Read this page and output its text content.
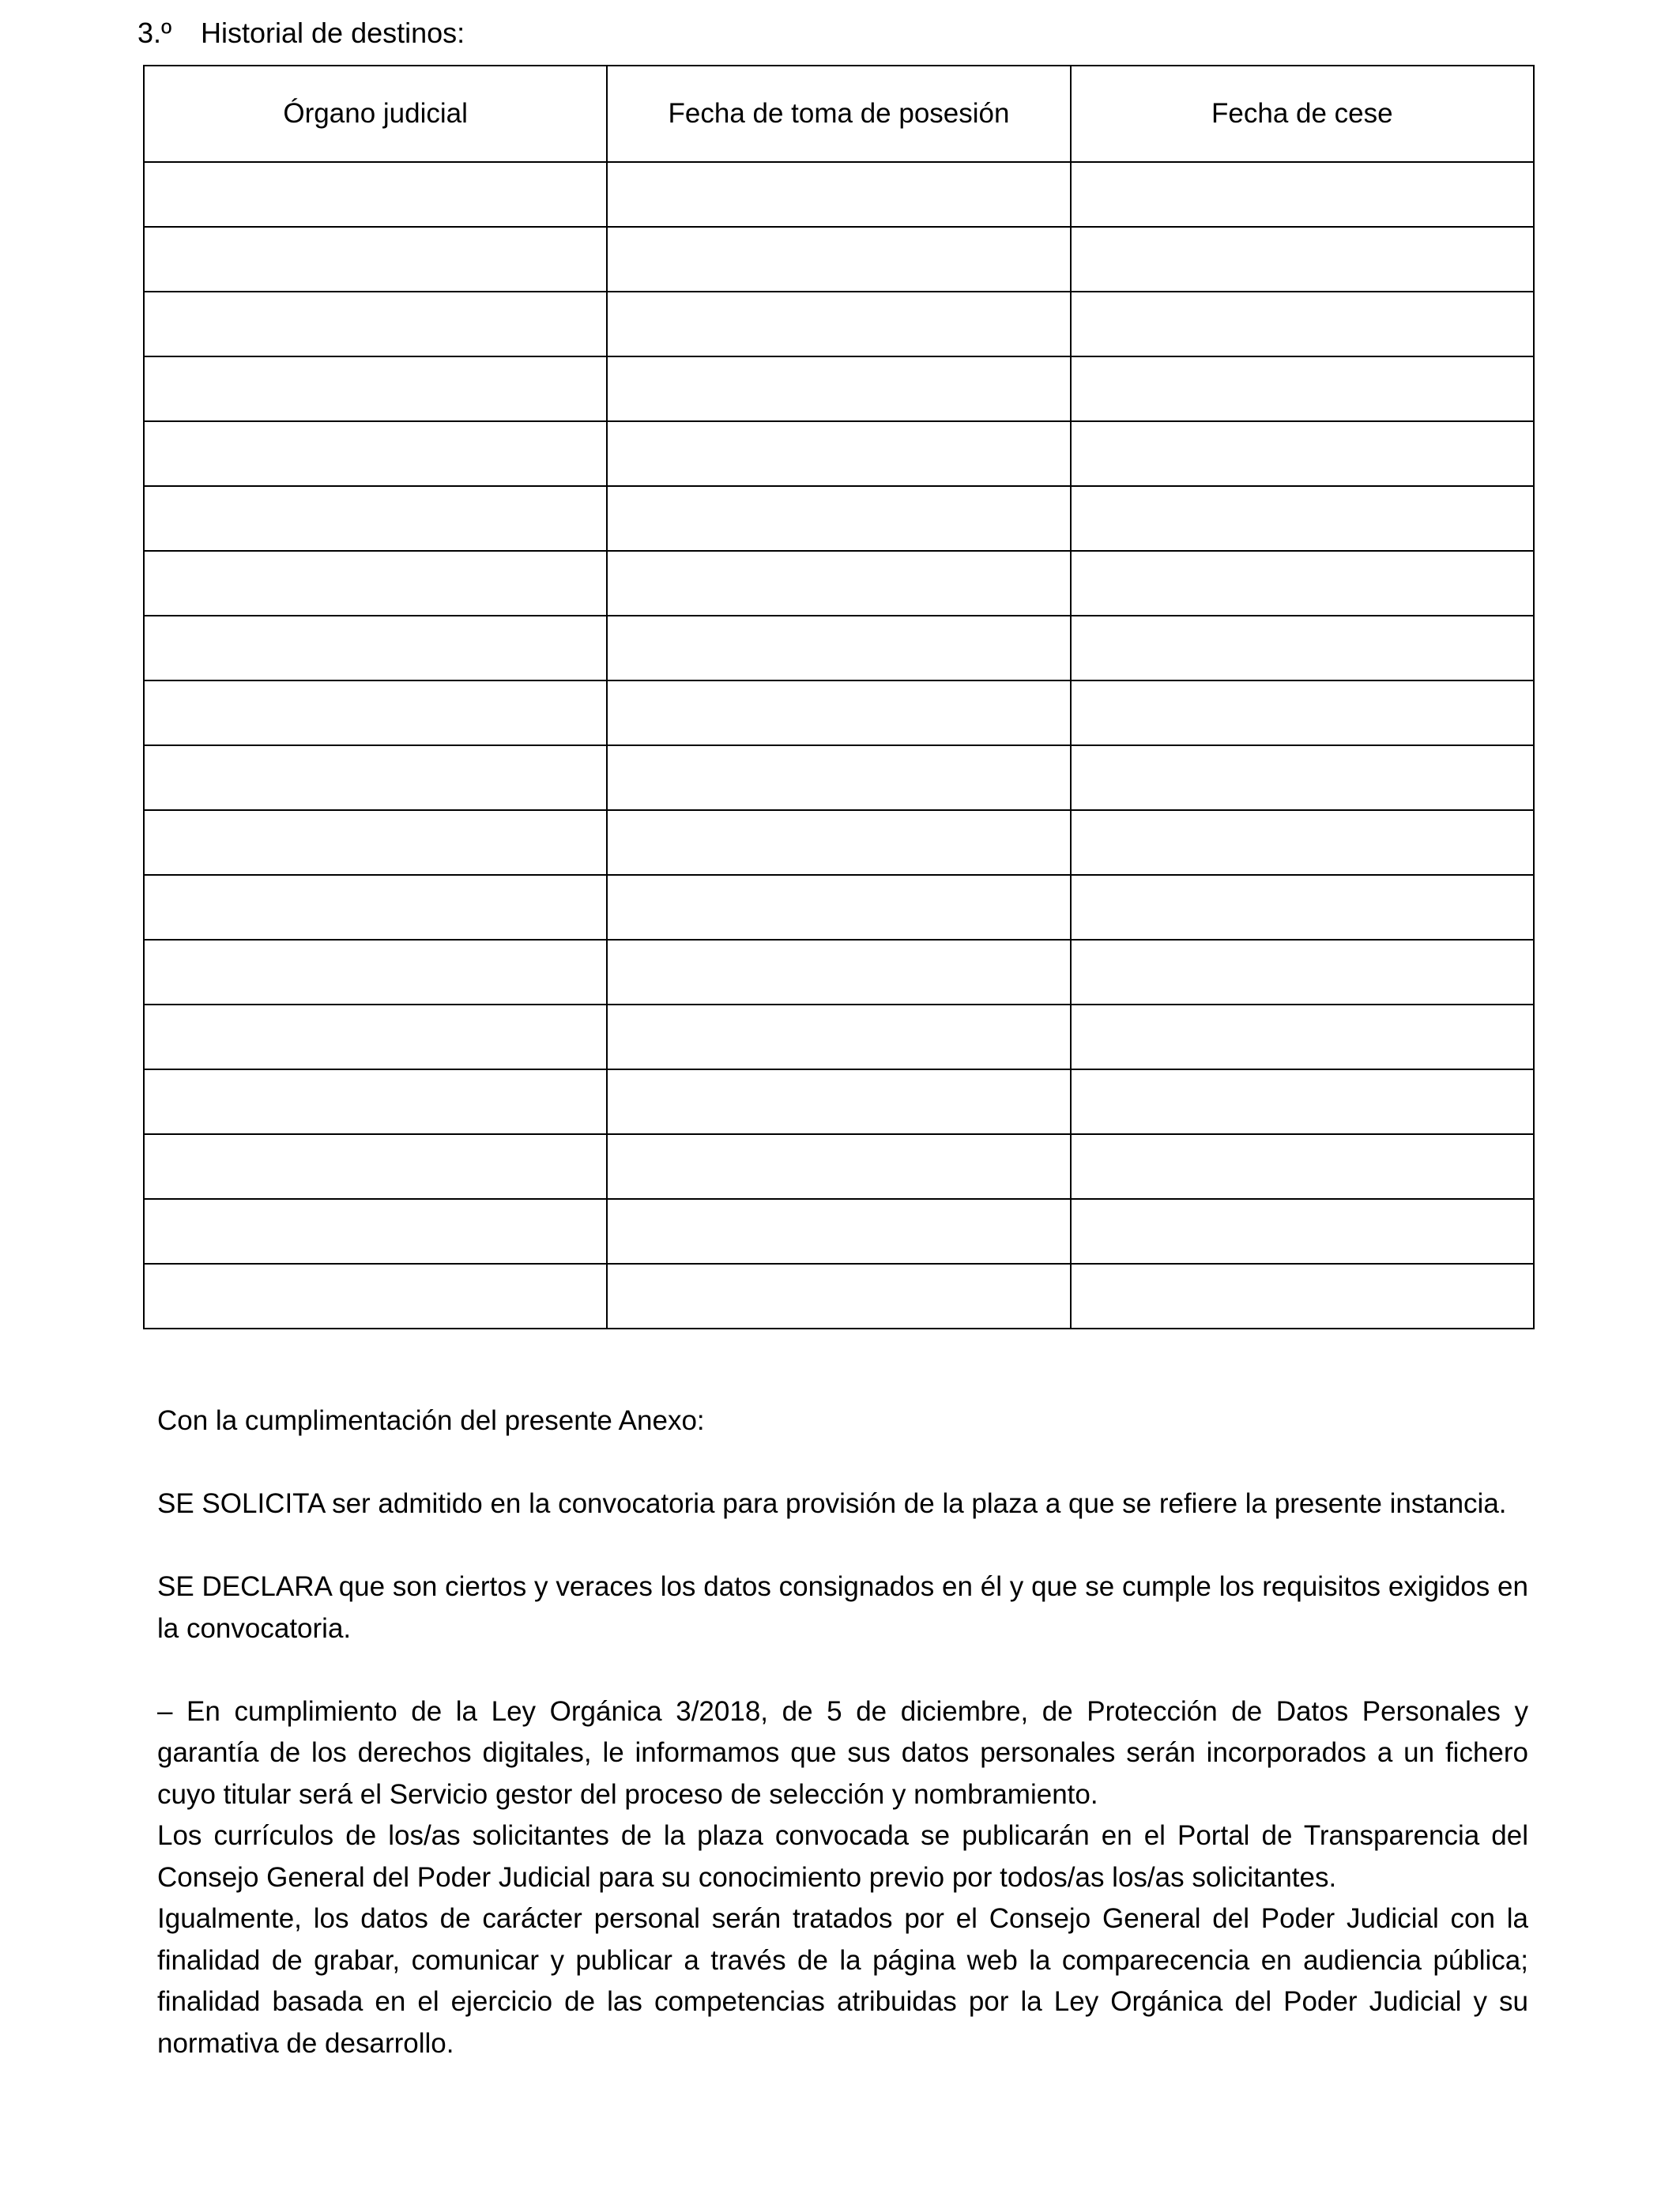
3.º Historial de destinos:
Órgano judicial	Fecha de toma de posesión	Fecha de cese

Con la cumplimentación del presente Anexo:

SE SOLICITA ser admitido en la convocatoria para provisión de la plaza a que se refiere la presente instancia.

SE DECLARA que son ciertos y veraces los datos consignados en él y que se cumple los requisitos exigidos en la convocatoria.

– En cumplimiento de la Ley Orgánica 3/2018, de 5 de diciembre, de Protección de Datos Personales y garantía de los derechos digitales, le informamos que sus datos personales serán incorporados a un fichero cuyo titular será el Servicio gestor del proceso de selección y nombramiento.

Los currículos de los/as solicitantes de la plaza convocada se publicarán en el Portal de Transparencia del Consejo General del Poder Judicial para su conocimiento previo por todos/as los/as solicitantes.

Igualmente, los datos de carácter personal serán tratados por el Consejo General del Poder Judicial con la finalidad de grabar, comunicar y publicar a través de la página web la comparecencia en audiencia pública; finalidad basada en el ejercicio de las competencias atribuidas por la Ley Orgánica del Poder Judicial y su normativa de desarrollo.
